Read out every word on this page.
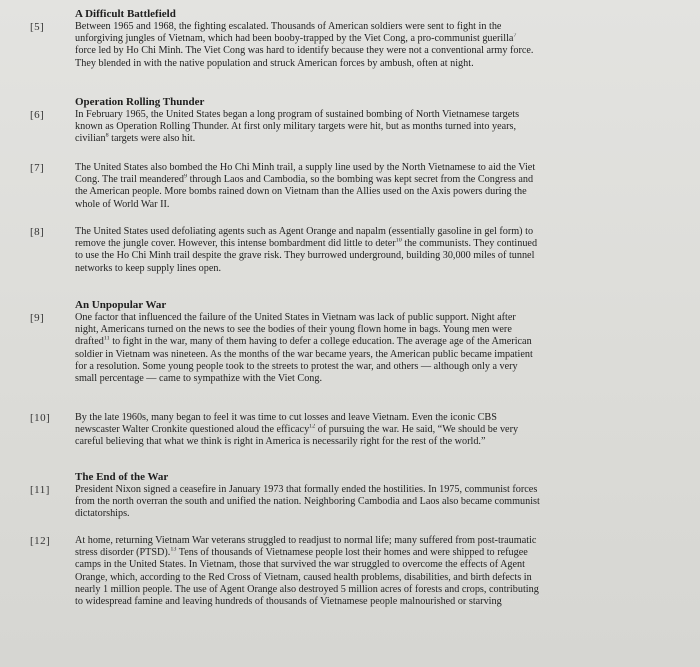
A Difficult Battlefield
[5]	Between 1965 and 1968, the fighting escalated. Thousands of American soldiers were sent to fight in the
unforgiving jungles of Vietnam, which had been booby-trapped by the Viet Cong, a pro-communist guerilla$^7$
force led by Ho Chi Minh. The Viet Cong was hard to identify because they were not a conventional army force.
They blended in with the native population and struck American forces by ambush, often at night.
Operation Rolling Thunder
[6]	In February 1965, the United States began a long program of sustained bombing of North Vietnamese targets
known as Operation Rolling Thunder. At first only military targets were hit, but as months turned into years,
civilian$^8$ targets were also hit.
[7]	The United States also bombed the Ho Chi Minh trail, a supply line used by the North Vietnamese to aid the Viet
Cong. The trail meandered$^9$ through Laos and Cambodia, so the bombing was kept secret from the Congress and
the American people. More bombs rained down on Vietnam than the Allies used on the Axis powers during the
whole of World War II.
[8]	The United States used defoliating agents such as Agent Orange and napalm (essentially gasoline in gel form) to
remove the jungle cover. However, this intense bombardment did little to deter$^{10}$ the communists. They continued
to use the Ho Chi Minh trail despite the grave risk. They burrowed underground, building 30,000 miles of tunnel
networks to keep supply lines open.
An Unpopular War
[9]	One factor that influenced the failure of the United States in Vietnam was lack of public support. Night after
night, Americans turned on the news to see the bodies of their young flown home in bags. Young men were
drafted$^{11}$ to fight in the war, many of them having to defer a college education. The average age of the American
soldier in Vietnam was nineteen. As the months of the war became years, the American public became impatient
for a resolution. Some young people took to the streets to protest the war, and others — although only a very
small percentage — came to sympathize with the Viet Cong.
[10] By the late 1960s, many began to feel it was time to cut losses and leave Vietnam. Even the iconic CBS
newscaster Walter Cronkite questioned aloud the efficacy$^{12}$ of pursuing the war. He said, “We should be very
careful believing that what we think is right in America is necessarily right for the rest of the world.”
The End of the War
[11] President Nixon signed a ceasefire in January 1973 that formally ended the hostilities. In 1975, communist forces
from the north overran the south and unified the nation. Neighboring Cambodia and Laos also became communist
dictatorships.
[12] At home, returning Vietnam War veterans struggled to readjust to normal life; many suffered from post-traumatic
stress disorder (PTSD).$^{13}$ Tens of thousands of Vietnamese people lost their homes and were shipped to refugee
camps in the United States. In Vietnam, those that survived the war struggled to overcome the effects of Agent
Orange, which, according to the Red Cross of Vietnam, caused health problems, disabilities, and birth defects in
nearly 1 million people. The use of Agent Orange also destroyed 5 million acres of forests and crops, contributing
to widespread famine and leaving hundreds of thousands of Vietnamese people malnourished or starving
